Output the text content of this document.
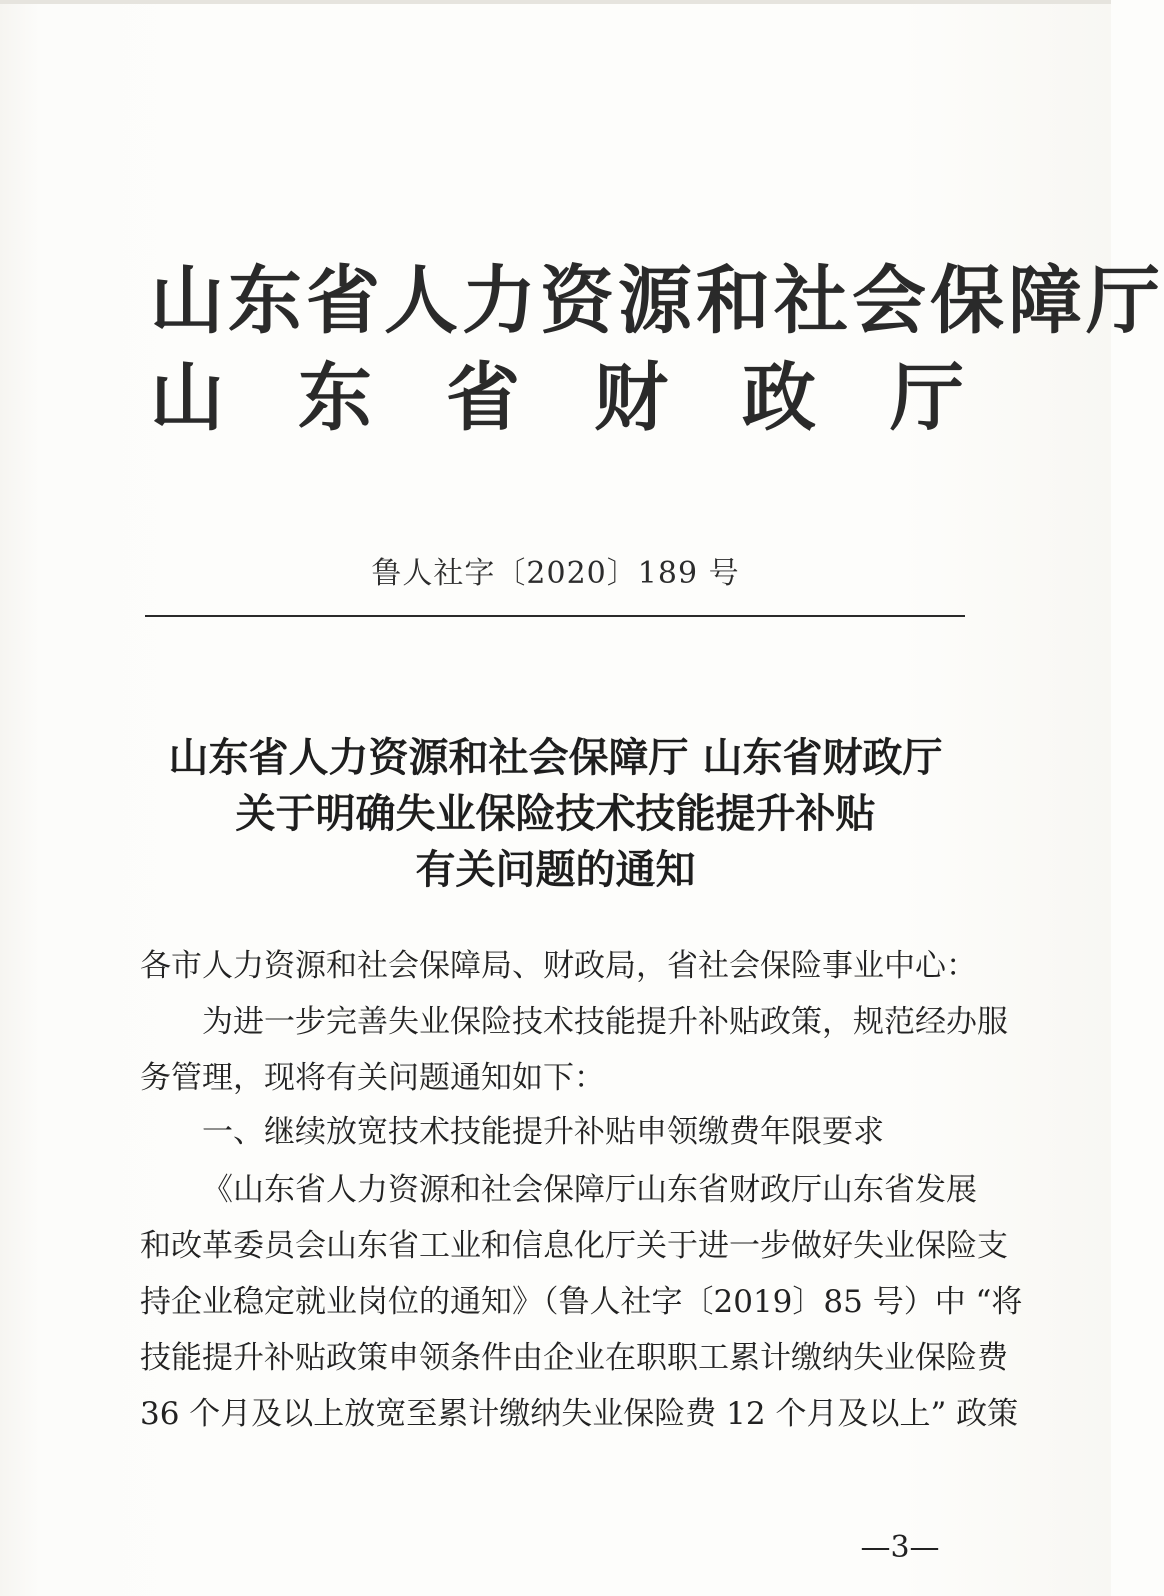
山东省人力资源和社会保障厅
山　东　省　财　政　厅
鲁人社字〔2020〕189 号
山东省人力资源和社会保障厅 山东省财政厅
关于明确失业保险技术技能提升补贴
有关问题的通知
各市人力资源和社会保障局、财政局，省社会保险事业中心：
为进一步完善失业保险技术技能提升补贴政策，规范经办服
务管理，现将有关问题通知如下：
一、继续放宽技术技能提升补贴申领缴费年限要求
《山东省人力资源和社会保障厅山东省财政厅山东省发展
和改革委员会山东省工业和信息化厅关于进一步做好失业保险支
持企业稳定就业岗位的通知》（鲁人社字〔2019〕85 号）中 “将
技能提升补贴政策申领条件由企业在职职工累计缴纳失业保险费
36 个月及以上放宽至累计缴纳失业保险费 12 个月及以上” 政策
—3—
